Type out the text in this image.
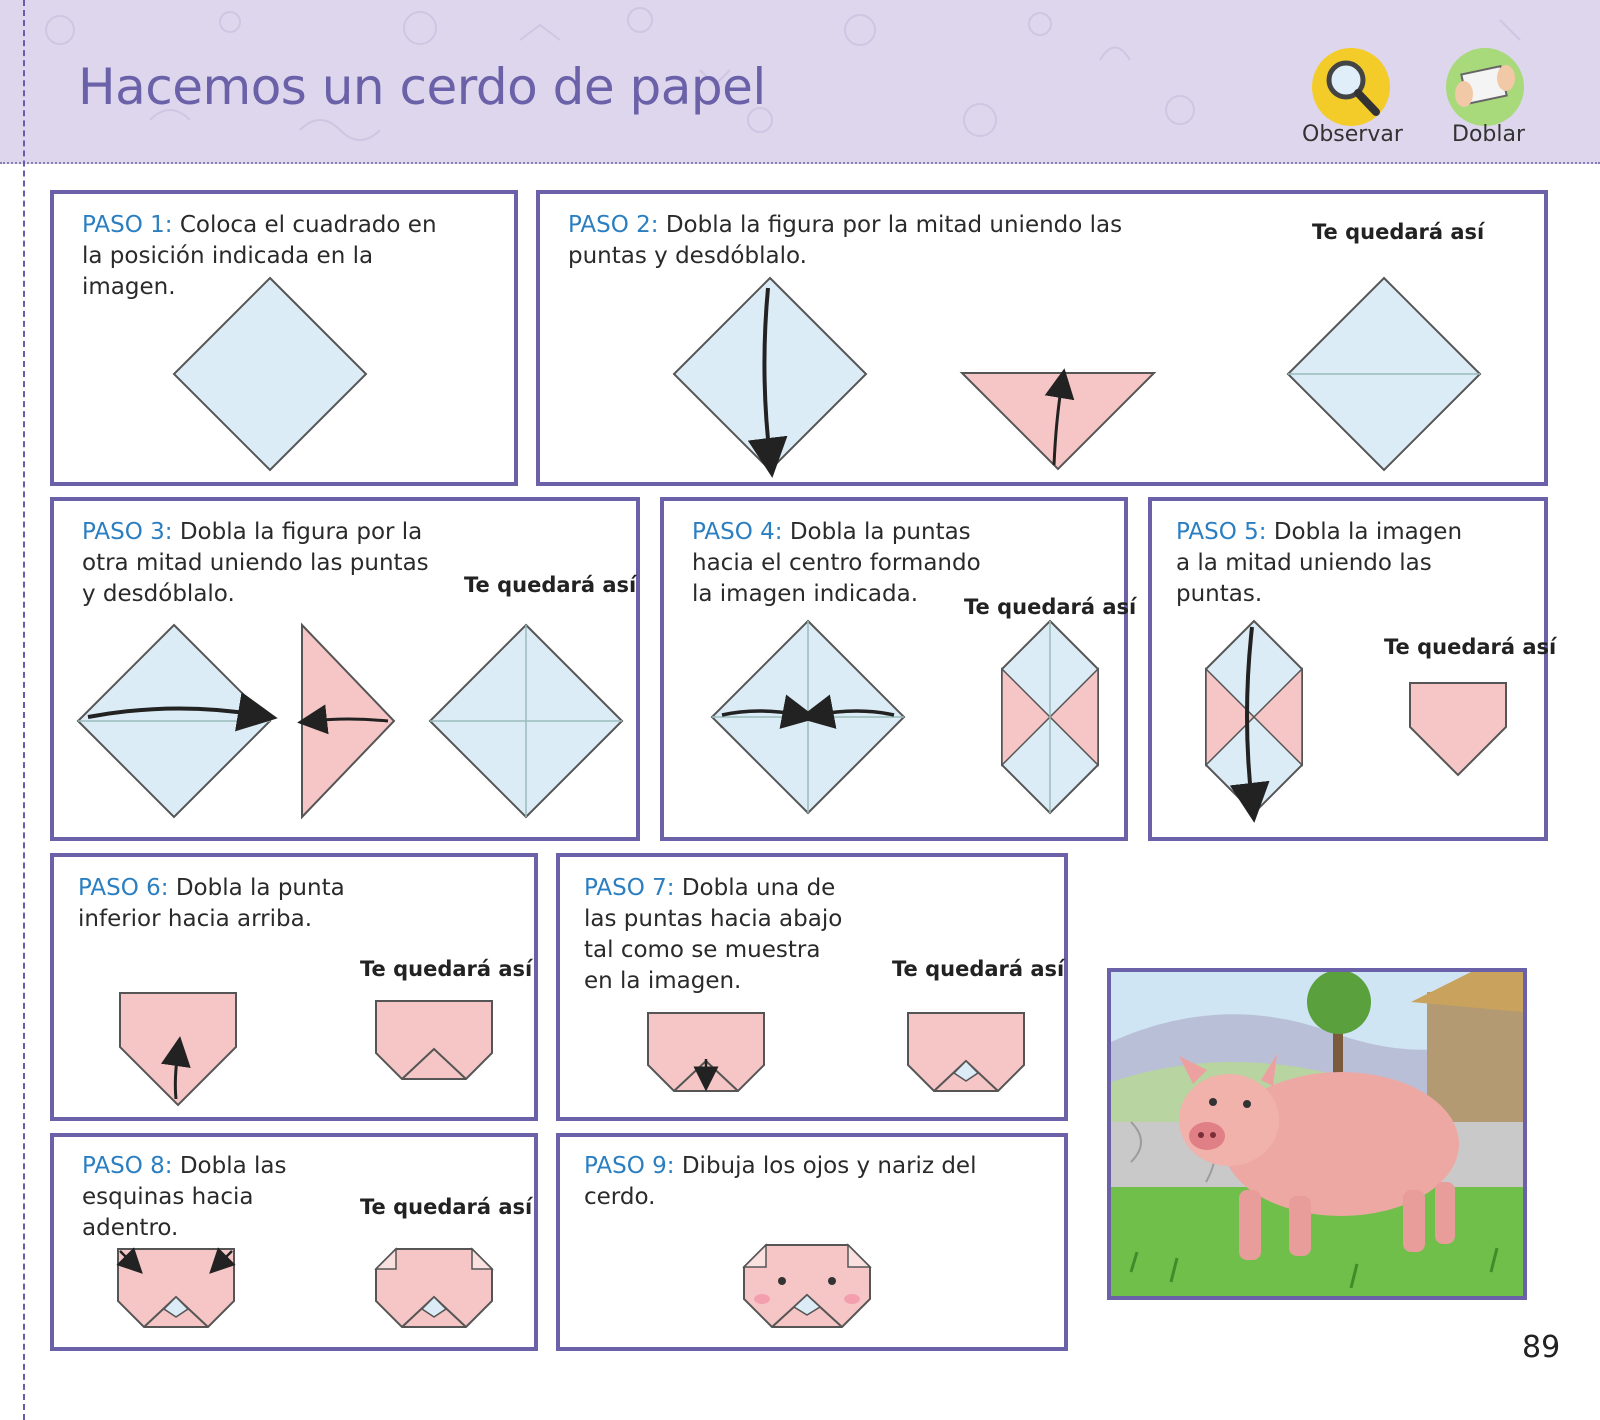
Hacemos un cerdo de papel
Observar Doblar
PASO 1: Coloca el cuadrado en la posición indicada en la imagen.
PASO 2: Dobla la figura por la mitad uniendo las puntas y desdóblalo.
Te quedará así
PASO 3: Dobla la figura por la otra mitad uniendo las puntas y desdóblalo.	Te quedará así
PASO 4: Dobla la puntas hacia el centro formando la imagen indicada.	Te quedará así
PASO 5: Dobla la imagen a la mitad uniendo las puntas.
Te quedará así
PASO 6: Dobla la punta inferior hacia arriba.
Te quedará así
PASO 7: Dobla una de las puntas hacia abajo tal como se muestra en la imagen.	Te quedará así
PASO 8: Dobla las esquinas hacia adentro.
Te quedará así
PASO 9: Dibuja los ojos y nariz del cerdo.
89
